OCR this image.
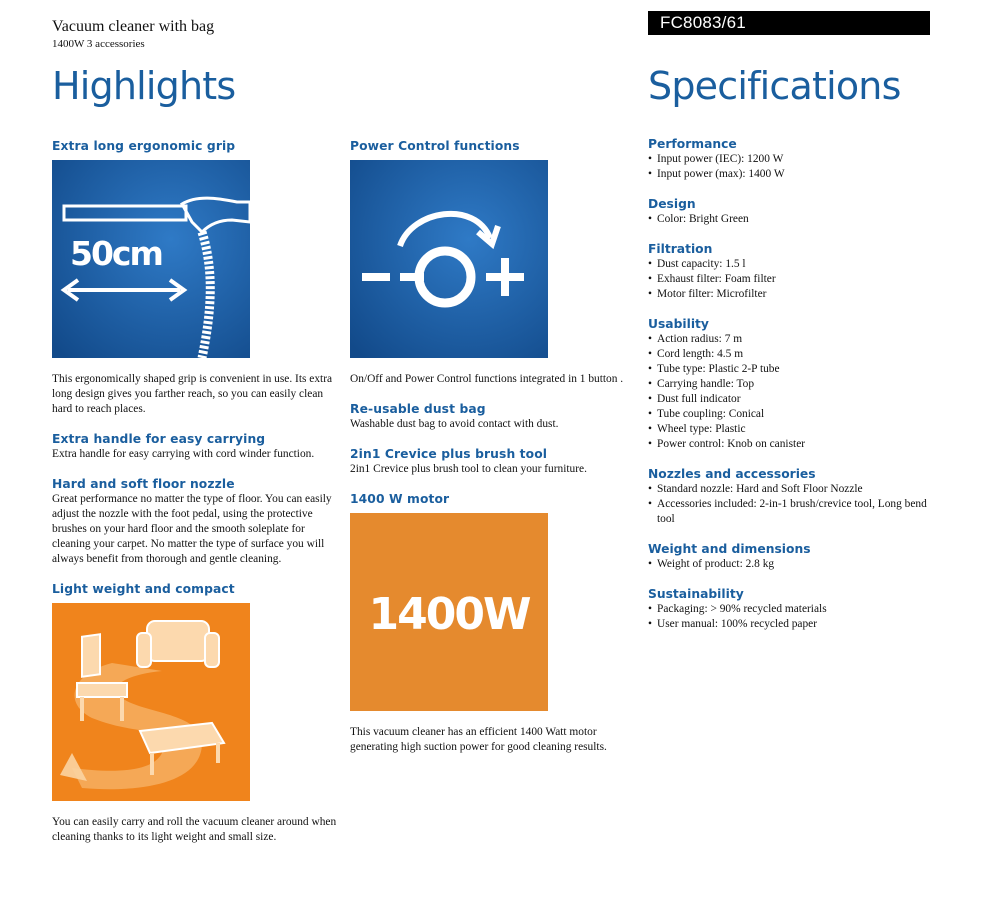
Vacuum cleaner with bag
1400W 3 accessories
FC8083/61
Highlights	Specifications
Extra long ergonomic grip
50cm

This ergonomically shaped grip is convenient in use. Its extra long design gives you farther reach, so you can easily clean hard to reach places.

Extra handle for easy carrying

Extra handle for easy carrying with cord winder function.

Hard and soft floor nozzle

Great performance no matter the type of floor. You can easily adjust the nozzle with the foot pedal, using the protective brushes on your hard floor and the smooth soleplate for cleaning your carpet. No matter the type of surface you will always benefit from thorough and gentle cleaning.

Light weight and compact

You can easily carry and roll the vacuum cleaner around when cleaning thanks to its light weight and small size.

Power Control functions

On/Off and Power Control functions integrated in 1 button .

Re-usable dust bag

Washable dust bag to avoid contact with dust.

2in1 Crevice plus brush tool

2in1 Crevice plus brush tool to clean your furniture.

1400 W motor
1400W

This vacuum cleaner has an efficient 1400 Watt motor generating high suction power for good cleaning results.

Performance
• Input power (IEC): 1200 W
• Input power (max): 1400 W
Design
• Color: Bright Green
Filtration
• Dust capacity: 1.5 l
• Exhaust filter: Foam filter
• Motor filter: Microfilter
Usability
• Action radius: 7 m
• Cord length: 4.5 m
• Tube type: Plastic 2-P tube
• Carrying handle: Top
• Dust full indicator
• Tube coupling: Conical
• Wheel type: Plastic
• Power control: Knob on canister
Nozzles and accessories
• Standard nozzle: Hard and Soft Floor Nozzle
• Accessories included: 2-in-1 brush/crevice tool, Long bend tool
Weight and dimensions
• Weight of product: 2.8 kg
Sustainability
• Packaging: > 90% recycled materials
• User manual: 100% recycled paper
